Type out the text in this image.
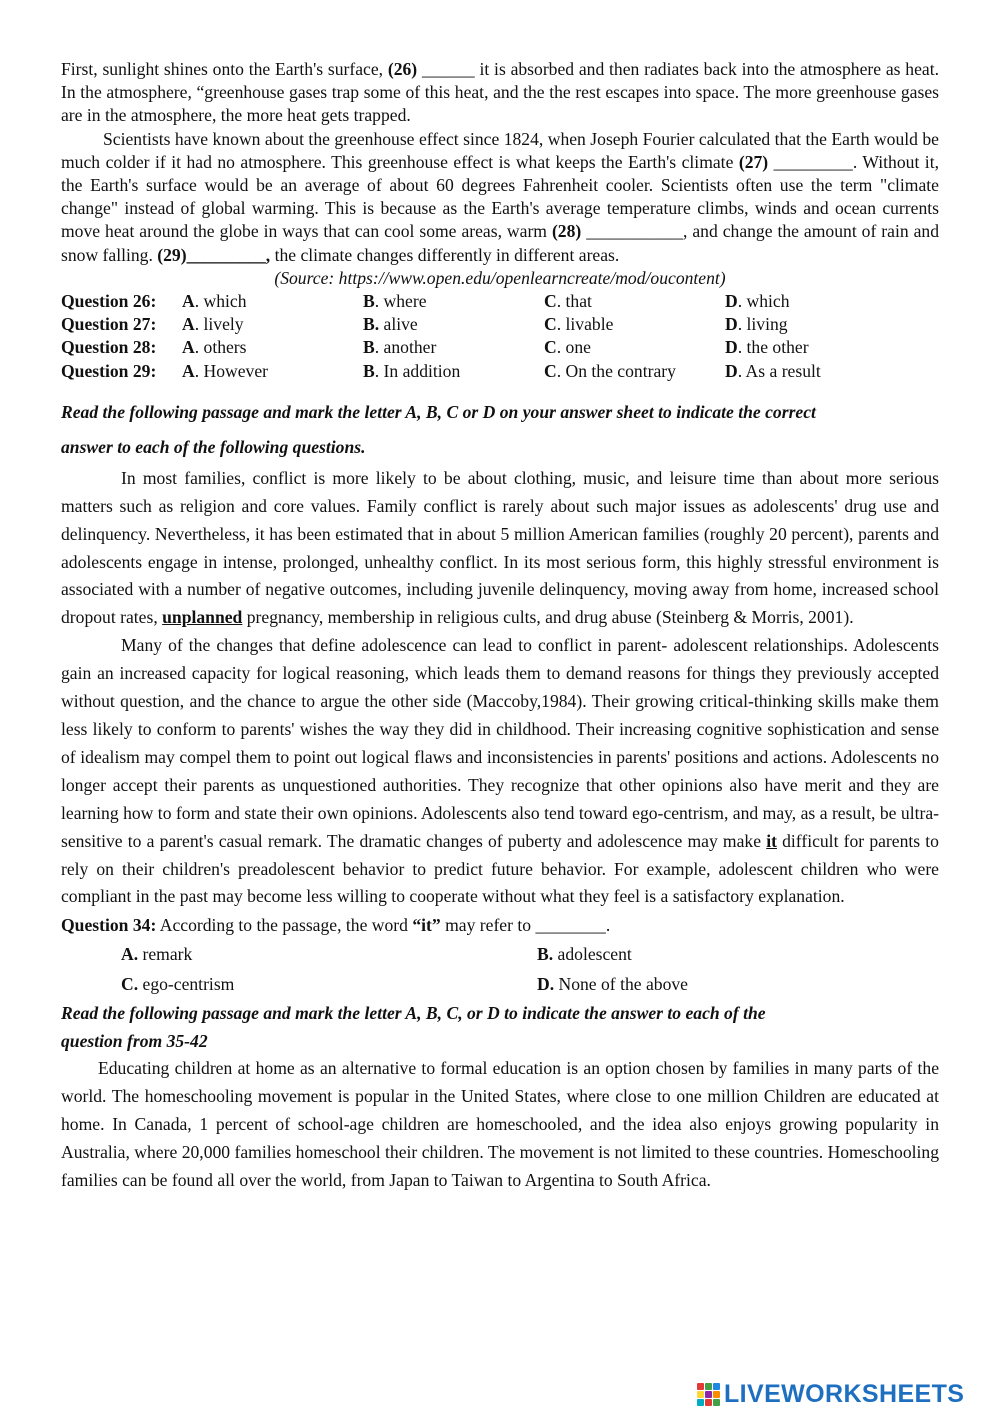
First, sunlight shines onto the Earth's surface, (26) ______ it is absorbed and then radiates back into the atmosphere as heat. In the atmosphere, “greenhouse gases trap some of this heat, and the the rest escapes into space. The more greenhouse gases are in the atmosphere, the more heat gets trapped.

Scientists have known about the greenhouse effect since 1824, when Joseph Fourier calculated that the Earth would be much colder if it had no atmosphere. This greenhouse effect is what keeps the Earth's climate (27) _________. Without it, the Earth's surface would be an average of about 60 degrees Fahrenheit cooler. Scientists often use the term "climate change" instead of global warming. This is because as the Earth's average temperature climbs, winds and ocean currents move heat around the globe in ways that can cool some areas, warm (28) ___________, and change the amount of rain and snow falling. (29)_________, the climate changes differently in different areas.

(Source: https://www.open.edu/openlearncreate/mod/oucontent)

Question 26:	A. which	B. where	C. that	D. which
Question 27:	A. lively	B. alive	C. livable	D. living
Question 28:	A. others	B. another	C. one	D. the other
Question 29:	A. However	B. In addition	C. On the contrary	D. As a result

Read the following passage and mark the letter A, B, C or D on your answer sheet to indicate the correct

answer to each of the following questions.

In most families, conflict is more likely to be about clothing, music, and leisure time than about more serious matters such as religion and core values. Family conflict is rarely about such major issues as adolescents' drug use and delinquency. Nevertheless, it has been estimated that in about 5 million American families (roughly 20 percent), parents and adolescents engage in intense, prolonged, unhealthy conflict. In its most serious form, this highly stressful environment is associated with a number of negative outcomes, including juvenile delinquency, moving away from home, increased school dropout rates, unplanned pregnancy, membership in religious cults, and drug abuse (Steinberg & Morris, 2001).

Many of the changes that define adolescence can lead to conflict in parent- adolescent relationships. Adolescents gain an increased capacity for logical reasoning, which leads them to demand reasons for things they previously accepted without question, and the chance to argue the other side (Maccoby,1984). Their growing critical-thinking skills make them less likely to conform to parents' wishes the way they did in childhood. Their increasing cognitive sophistication and sense of idealism may compel them to point out logical flaws and inconsistencies in parents' positions and actions. Adolescents no longer accept their parents as unquestioned authorities. They recognize that other opinions also have merit and they are learning how to form and state their own opinions. Adolescents also tend toward ego-centrism, and may, as a result, be ultra-sensitive to a parent's casual remark. The dramatic changes of puberty and adolescence may make it difficult for parents to rely on their children's preadolescent behavior to predict future behavior. For example, adolescent children who were compliant in the past may become less willing to cooperate without what they feel is a satisfactory explanation.

Question 34: According to the passage, the word “it” may refer to ________.

A. remark	B. adolescent
C. ego-centrism	D. None of the above

Read the following passage and mark the letter A, B, C, or D to indicate the answer to each of the

question from 35-42

Educating children at home as an alternative to formal education is an option chosen by families in many parts of the world. The homeschooling movement is popular in the United States, where close to one million Children are educated at home. In Canada, 1 percent of school-age children are homeschooled, and the idea also enjoys growing popularity in Australia, where 20,000 families homeschool their children. The movement is not limited to these countries. Homeschooling families can be found all over the world, from Japan to Taiwan to Argentina to South Africa.

LIVEWORKSHEETS
